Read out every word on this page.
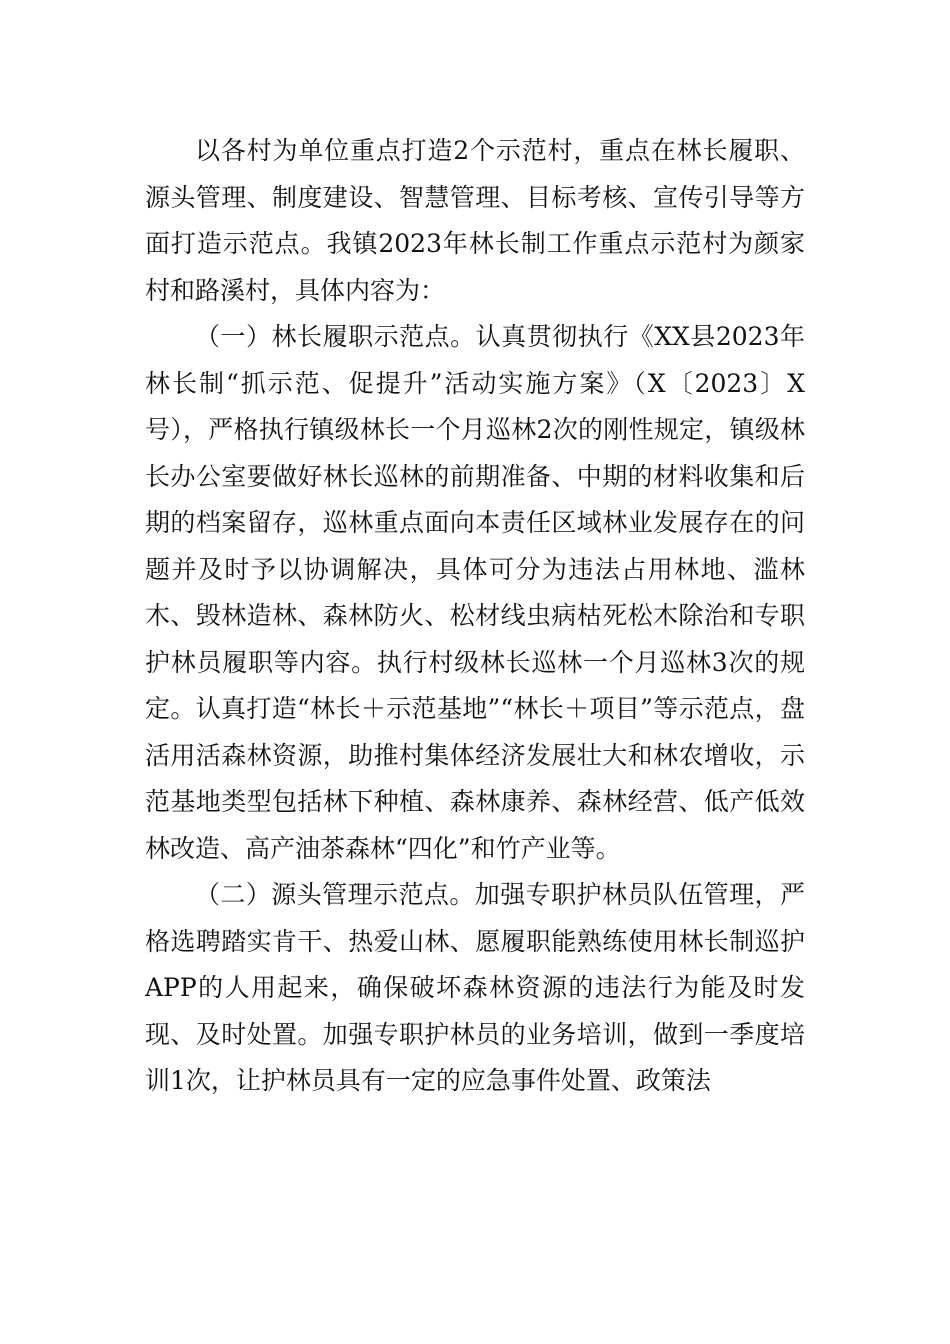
以各村为单位重点打造2个示范村，重点在林长履职、源头管理、制度建设、智慧管理、目标考核、宣传引导等方面打造示范点。我镇2023年林长制工作重点示范村为颜家村和路溪村，具体内容为：

（一）林长履职示范点。认真贯彻执行《XX县2023年林长制“抓示范、促提升”活动实施方案》（X〔2023〕X号），严格执行镇级林长一个月巡林2次的刚性规定，镇级林长办公室要做好林长巡林的前期准备、中期的材料收集和后期的档案留存，巡林重点面向本责任区域林业发展存在的问题并及时予以协调解决，具体可分为违法占用林地、滥林木、毁林造林、森林防火、松材线虫病枯死松木除治和专职护林员履职等内容。执行村级林长巡林一个月巡林3次的规定。认真打造“林长＋示范基地”“林长＋项目”等示范点，盘活用活森林资源，助推村集体经济发展壮大和林农增收，示范基地类型包括林下种植、森林康养、森林经营、低产低效林改造、高产油茶森林“四化”和竹产业等。

（二）源头管理示范点。加强专职护林员队伍管理，严格选聘踏实肯干、热爱山林、愿履职能熟练使用林长制巡护APP的人用起来，确保破坏森林资源的违法行为能及时发现、及时处置。加强专职护林员的业务培训，做到一季度培训1次，让护林员具有一定的应急事件处置、政策法
